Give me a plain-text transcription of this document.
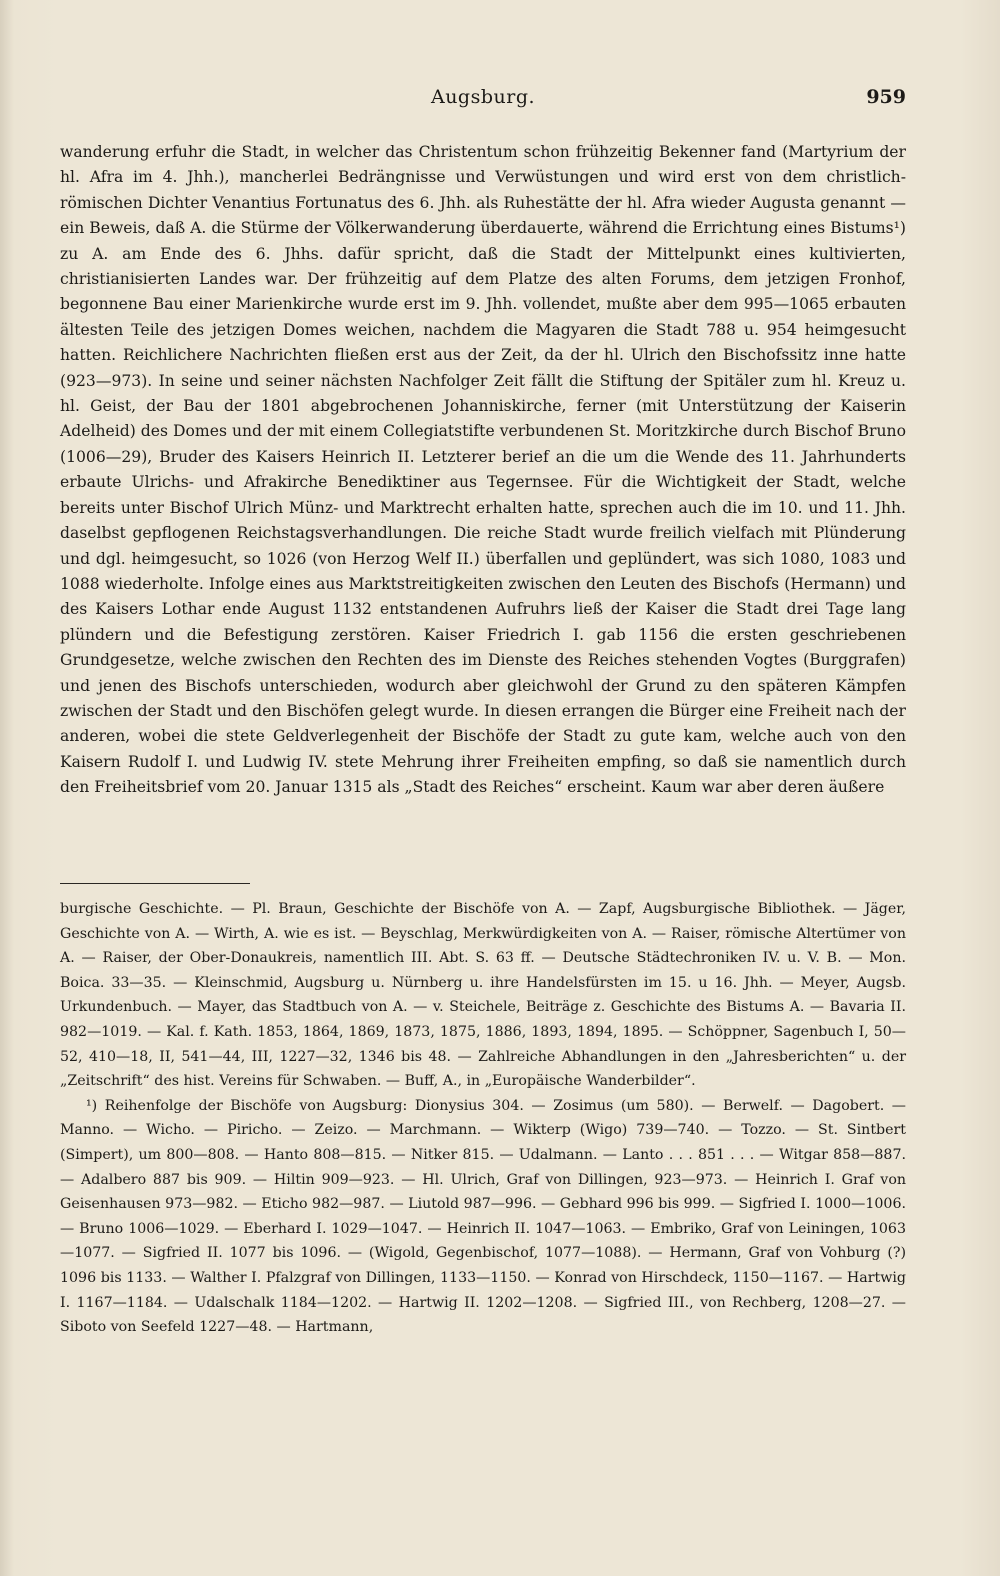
Augsburg.	959

wanderung erfuhr die Stadt, in welcher das Christentum schon frühzeitig Bekenner fand (Martyrium der hl. Afra im 4. Jhh.), mancherlei Bedrängnisse und Verwüstungen und wird erst von dem christlich-römischen Dichter Venantius Fortunatus des 6. Jhh. als Ruhestätte der hl. Afra wieder Augusta genannt — ein Beweis, daß A. die Stürme der Völkerwanderung überdauerte, während die Errichtung eines Bistums¹) zu A. am Ende des 6. Jhhs. dafür spricht, daß die Stadt der Mittelpunkt eines kultivierten, christianisierten Landes war. Der frühzeitig auf dem Platze des alten Forums, dem jetzigen Fronhof, begonnene Bau einer Marienkirche wurde erst im 9. Jhh. vollendet, mußte aber dem 995—1065 erbauten ältesten Teile des jetzigen Domes weichen, nachdem die Magyaren die Stadt 788 u. 954 heimgesucht hatten. Reichlichere Nachrichten fließen erst aus der Zeit, da der hl. Ulrich den Bischofssitz inne hatte (923—973). In seine und seiner nächsten Nachfolger Zeit fällt die Stiftung der Spitäler zum hl. Kreuz u. hl. Geist, der Bau der 1801 abgebrochenen Johanniskirche, ferner (mit Unterstützung der Kaiserin Adelheid) des Domes und der mit einem Collegiatstifte verbundenen St. Moritzkirche durch Bischof Bruno (1006—29), Bruder des Kaisers Heinrich II. Letzterer berief an die um die Wende des 11. Jahrhunderts erbaute Ulrichs- und Afrakirche Benediktiner aus Tegernsee. Für die Wichtigkeit der Stadt, welche bereits unter Bischof Ulrich Münz- und Marktrecht erhalten hatte, sprechen auch die im 10. und 11. Jhh. daselbst gepflogenen Reichstagsverhandlungen. Die reiche Stadt wurde freilich vielfach mit Plünderung und dgl. heimgesucht, so 1026 (von Herzog Welf II.) überfallen und geplündert, was sich 1080, 1083 und 1088 wiederholte. Infolge eines aus Marktstreitigkeiten zwischen den Leuten des Bischofs (Hermann) und des Kaisers Lothar ende August 1132 entstandenen Aufruhrs ließ der Kaiser die Stadt drei Tage lang plündern und die Befestigung zerstören. Kaiser Friedrich I. gab 1156 die ersten geschriebenen Grundgesetze, welche zwischen den Rechten des im Dienste des Reiches stehenden Vogtes (Burggrafen) und jenen des Bischofs unterschieden, wodurch aber gleichwohl der Grund zu den späteren Kämpfen zwischen der Stadt und den Bischöfen gelegt wurde. In diesen errangen die Bürger eine Freiheit nach der anderen, wobei die stete Geldverlegenheit der Bischöfe der Stadt zu gute kam, welche auch von den Kaisern Rudolf I. und Ludwig IV. stete Mehrung ihrer Freiheiten empfing, so daß sie namentlich durch den Freiheitsbrief vom 20. Januar 1315 als „Stadt des Reiches“ erscheint. Kaum war aber deren äußere

burgische Geschichte. — Pl. Braun, Geschichte der Bischöfe von A. — Zapf, Augsburgische Bibliothek. — Jäger, Geschichte von A. — Wirth, A. wie es ist. — Beyschlag, Merkwürdigkeiten von A. — Raiser, römische Altertümer von A. — Raiser, der Ober-Donaukreis, namentlich III. Abt. S. 63 ff. — Deutsche Städtechroniken IV. u. V. B. — Mon. Boica. 33—35. — Kleinschmid, Augsburg u. Nürnberg u. ihre Handelsfürsten im 15. u 16. Jhh. — Meyer, Augsb. Urkundenbuch. — Mayer, das Stadtbuch von A. — v. Steichele, Beiträge z. Geschichte des Bistums A. — Bavaria II. 982—1019. — Kal. f. Kath. 1853, 1864, 1869, 1873, 1875, 1886, 1893, 1894, 1895. — Schöppner, Sagenbuch I, 50—52, 410—18, II, 541—44, III, 1227—32, 1346 bis 48. — Zahlreiche Abhandlungen in den „Jahresberichten“ u. der „Zeitschrift“ des hist. Vereins für Schwaben. — Buff, A., in „Europäische Wanderbilder“.

¹) Reihenfolge der Bischöfe von Augsburg: Dionysius 304. — Zosimus (um 580). — Berwelf. — Dagobert. — Manno. — Wicho. — Piricho. — Zeizo. — Marchmann. — Wikterp (Wigo) 739—740. — Tozzo. — St. Sintbert (Simpert), um 800—808. — Hanto 808—815. — Nitker 815. — Udalmann. — Lanto . . . 851 . . . — Witgar 858—887. — Adalbero 887 bis 909. — Hiltin 909—923. — Hl. Ulrich, Graf von Dillingen, 923—973. — Heinrich I. Graf von Geisenhausen 973—982. — Eticho 982—987. — Liutold 987—996. — Gebhard 996 bis 999. — Sigfried I. 1000—1006. — Bruno 1006—1029. — Eberhard I. 1029—1047. — Heinrich II. 1047—1063. — Embriko, Graf von Leiningen, 1063—1077. — Sigfried II. 1077 bis 1096. — (Wigold, Gegenbischof, 1077—1088). — Hermann, Graf von Vohburg (?) 1096 bis 1133. — Walther I. Pfalzgraf von Dillingen, 1133—1150. — Konrad von Hirschdeck, 1150—1167. — Hartwig I. 1167—1184. — Udalschalk 1184—1202. — Hartwig II. 1202—1208. — Sigfried III., von Rechberg, 1208—27. — Siboto von Seefeld 1227—48. — Hartmann,
